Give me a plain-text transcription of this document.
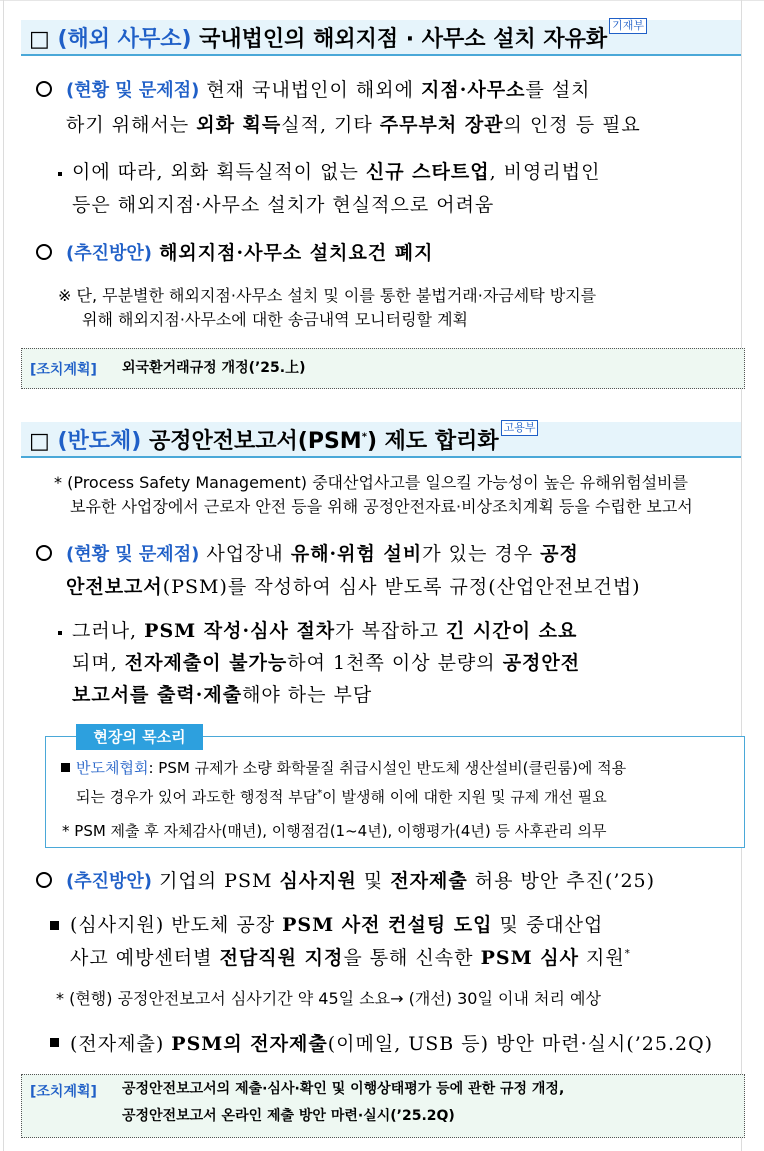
□ (해외 사무소) 국내법인의 해외지점 · 사무소 설치 자유화기재부
(현황 및 문제점) 현재 국내법인이 해외에 지점·사무소를 설치
하기 위해서는 외화 획득실적, 기타 주무부처 장관의 인정 등 필요
이에 따라, 외화 획득실적이 없는 신규 스타트업, 비영리법인
등은 해외지점·사무소 설치가 현실적으로 어려움
(추진방안) 해외지점·사무소 설치요건 폐지
※ 단, 무분별한 해외지점·사무소 설치 및 이를 통한 불법거래·자금세탁 방지를
위해 해외지점·사무소에 대한 송금내역 모니터링할 계획
[조치계획] 외국환거래규정 개정(’25.上)
□ (반도체) 공정안전보고서(PSM*) 제도 합리화고용부
* (Process Safety Management) 중대산업사고를 일으킬 가능성이 높은 유해위험설비를
보유한 사업장에서 근로자 안전 등을 위해 공정안전자료·비상조치계획 등을 수립한 보고서
(현황 및 문제점) 사업장내 유해·위험 설비가 있는 경우 공정
안전보고서(PSM)를 작성하여 심사 받도록 규정(산업안전보건법)
그러나, PSM 작성·심사 절차가 복잡하고 긴 시간이 소요
되며, 전자제출이 불가능하여 1천쪽 이상 분량의 공정안전
보고서를 출력·제출해야 하는 부담
현장의 목소리
반도체협회: PSM 규제가 소량 화학물질 취급시설인 반도체 생산설비(클린룸)에 적용
되는 경우가 있어 과도한 행정적 부담*이 발생해 이에 대한 지원 및 규제 개선 필요
* PSM 제출 후 자체감사(매년), 이행점검(1~4년), 이행평가(4년) 등 사후관리 의무
(추진방안) 기업의 PSM 심사지원 및 전자제출 허용 방안 추진(’25)
(심사지원) 반도체 공장 PSM 사전 컨설팅 도입 및 중대산업
사고 예방센터별 전담직원 지정을 통해 신속한 PSM 심사 지원*
* (현행) 공정안전보고서 심사기간 약 45일 소요→ (개선) 30일 이내 처리 예상
(전자제출) PSM의 전자제출(이메일, USB 등) 방안 마련·실시(’25.2Q)
[조치계획] 공정안전보고서의 제출·심사·확인 및 이행상태평가 등에 관한 규정 개정,
공정안전보고서 온라인 제출 방안 마련·실시(’25.2Q)
